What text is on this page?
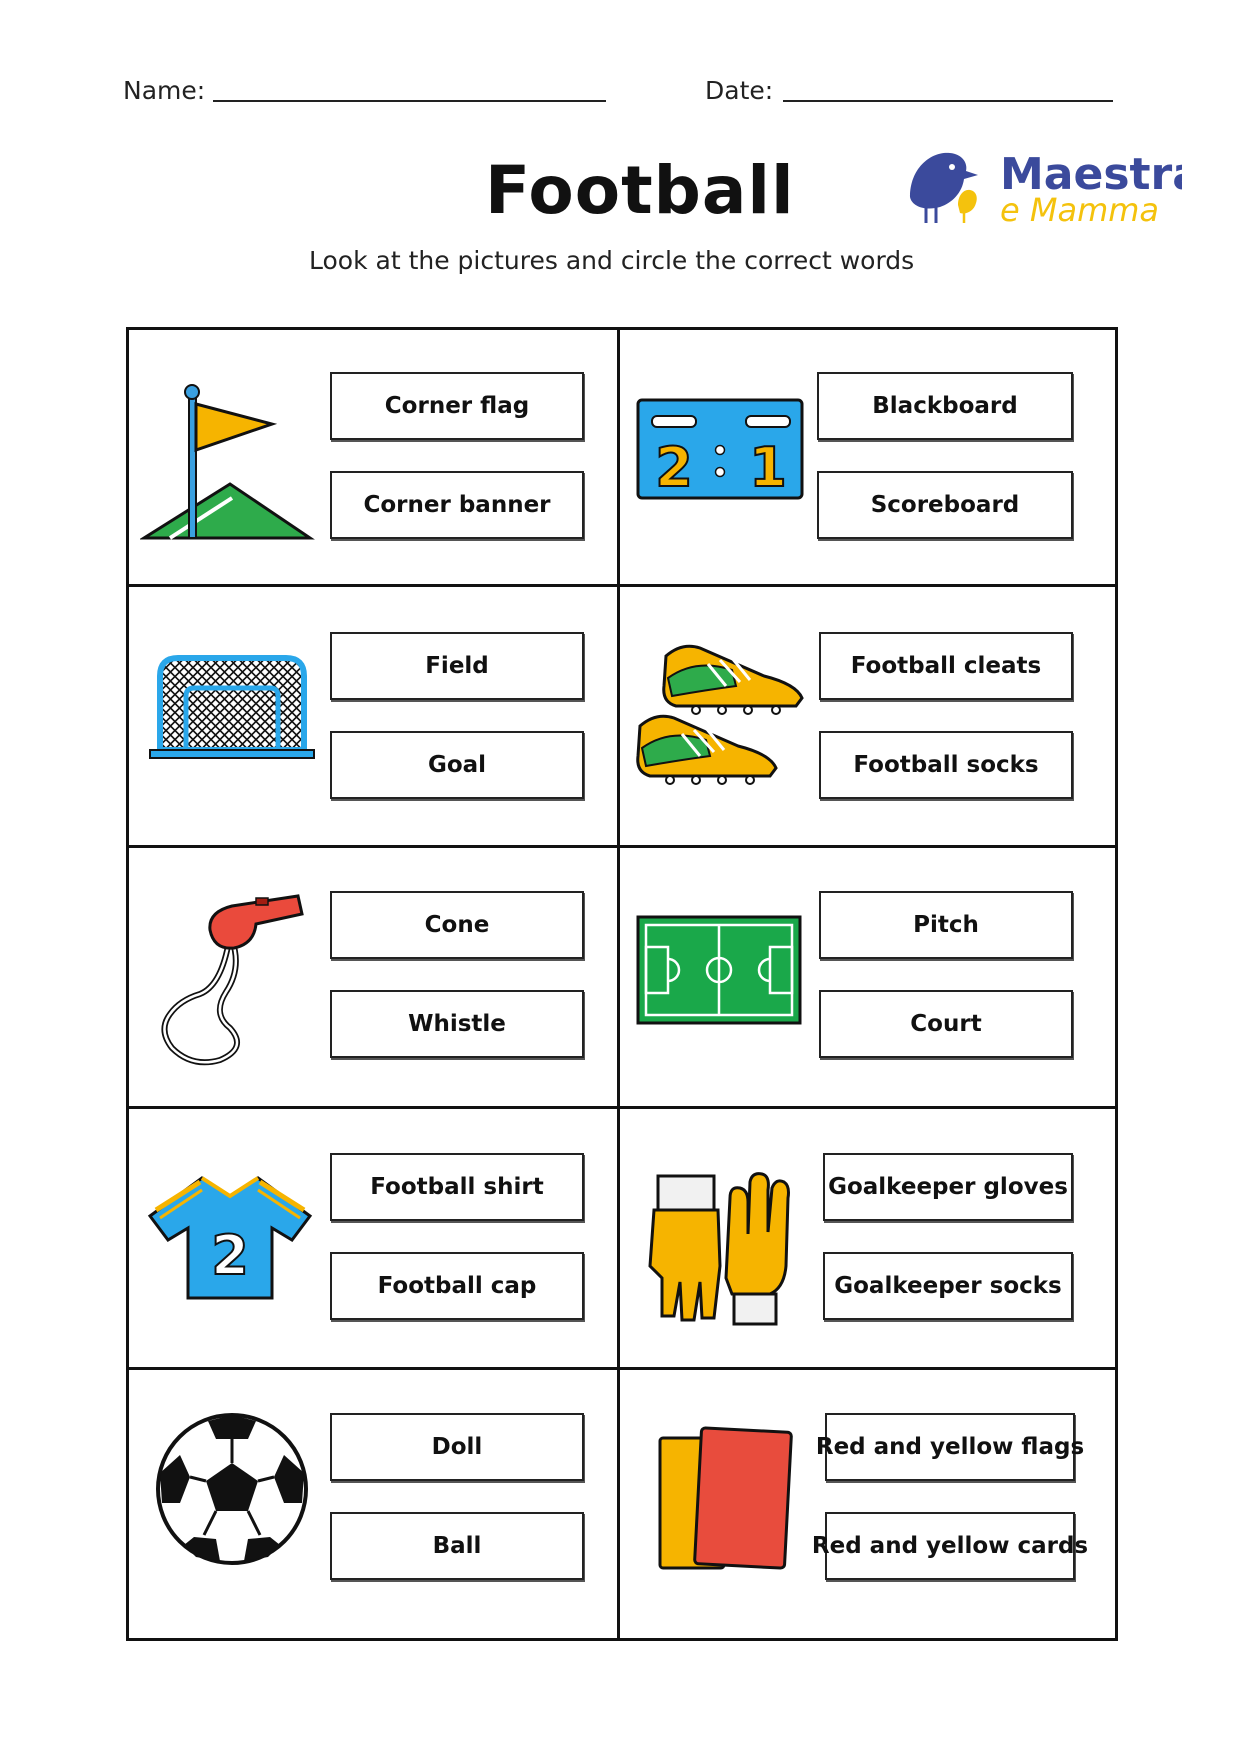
Name:	Date:
Football
Look at the pictures and circle the correct words
Maestra
e Mamma
Corner flag
Corner banner
2 1
Blackboard
Scoreboard
Field
Goal
Football cleats
Football socks
Cone
Whistle
Pitch
Court
2
Football shirt
Football cap
Goalkeeper gloves
Goalkeeper socks
Doll
Ball
Red and yellow flags
Red and yellow cards
